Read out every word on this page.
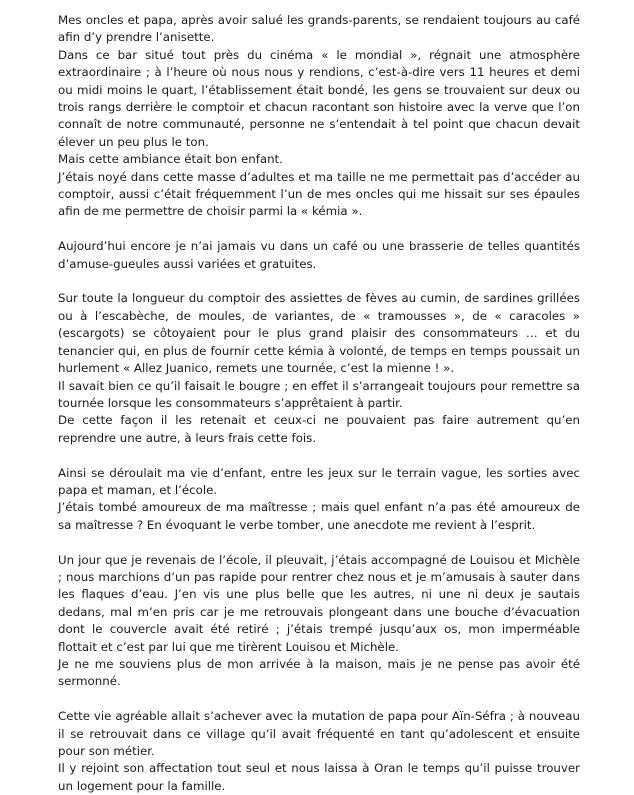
Mes oncles et papa, après avoir salué les grands-parents, se rendaient toujours au café afin d’y prendre l’anisette.

Dans ce bar situé tout près du cinéma « le mondial », régnait une atmosphère extraordinaire ; à l’heure où nous nous y rendions, c’est-à-dire vers 11 heures et demi ou midi moins le quart, l’établissement était bondé, les gens se trouvaient sur deux ou trois rangs derrière le comptoir et chacun racontant son histoire avec la verve que l’on connaît de notre communauté, personne ne s’entendait à tel point que chacun devait élever un peu plus le ton.

Mais cette ambiance était bon enfant.

J’étais noyé dans cette masse d’adultes et ma taille ne me permettait pas d’accéder au comptoir, aussi c’était fréquemment l’un de mes oncles qui me hissait sur ses épaules afin de me permettre de choisir parmi la « kémia ».

Aujourd’hui encore je n’ai jamais vu dans un café ou une brasserie de telles quantités d’amuse-gueules aussi variées et gratuites.

Sur toute la longueur du comptoir des assiettes de fèves au cumin, de sardines grillées ou à l’escabèche, de moules, de variantes, de « tramousses », de « caracoles » (escargots) se côtoyaient pour le plus grand plaisir des consommateurs … et du tenancier qui, en plus de fournir cette kémia à volonté, de temps en temps poussait un hurlement « Allez Juanico, remets une tournée, c’est la mienne ! ».

Il savait bien ce qu’il faisait le bougre ; en effet il s’arrangeait toujours pour remettre sa tournée lorsque les consommateurs s’apprêtaient à partir.

De cette façon il les retenait et ceux-ci ne pouvaient pas faire autrement qu’en reprendre une autre, à leurs frais cette fois.

Ainsi se déroulait ma vie d’enfant, entre les jeux sur le terrain vague, les sorties avec papa et maman, et l’école.

J’étais tombé amoureux de ma maîtresse ; mais quel enfant n’a pas été amoureux de sa maîtresse ? En évoquant le verbe tomber, une anecdote me revient à l’esprit.

Un jour que je revenais de l’école, il pleuvait, j’étais accompagné de Louisou et Michèle ; nous marchions d’un pas rapide pour rentrer chez nous et je m’amusais à sauter dans les flaques d’eau. J’en vis une plus belle que les autres, ni une ni deux je sautais dedans, mal m’en pris car je me retrouvais plongeant dans une bouche d’évacuation dont le couvercle avait été retiré ; j’étais trempé jusqu’aux os, mon imperméable flottait et c’est par lui que me tirèrent Louisou et Michèle.

Je ne me souviens plus de mon arrivée à la maison, mais je ne pense pas avoir été sermonné.

Cette vie agréable allait s’achever avec la mutation de papa pour Aïn-Séfra ; à nouveau il se retrouvait dans ce village qu’il avait fréquenté en tant qu’adolescent et ensuite pour son métier.

Il y rejoint son affectation tout seul et nous laissa à Oran le temps qu’il puisse trouver un logement pour la famille.
